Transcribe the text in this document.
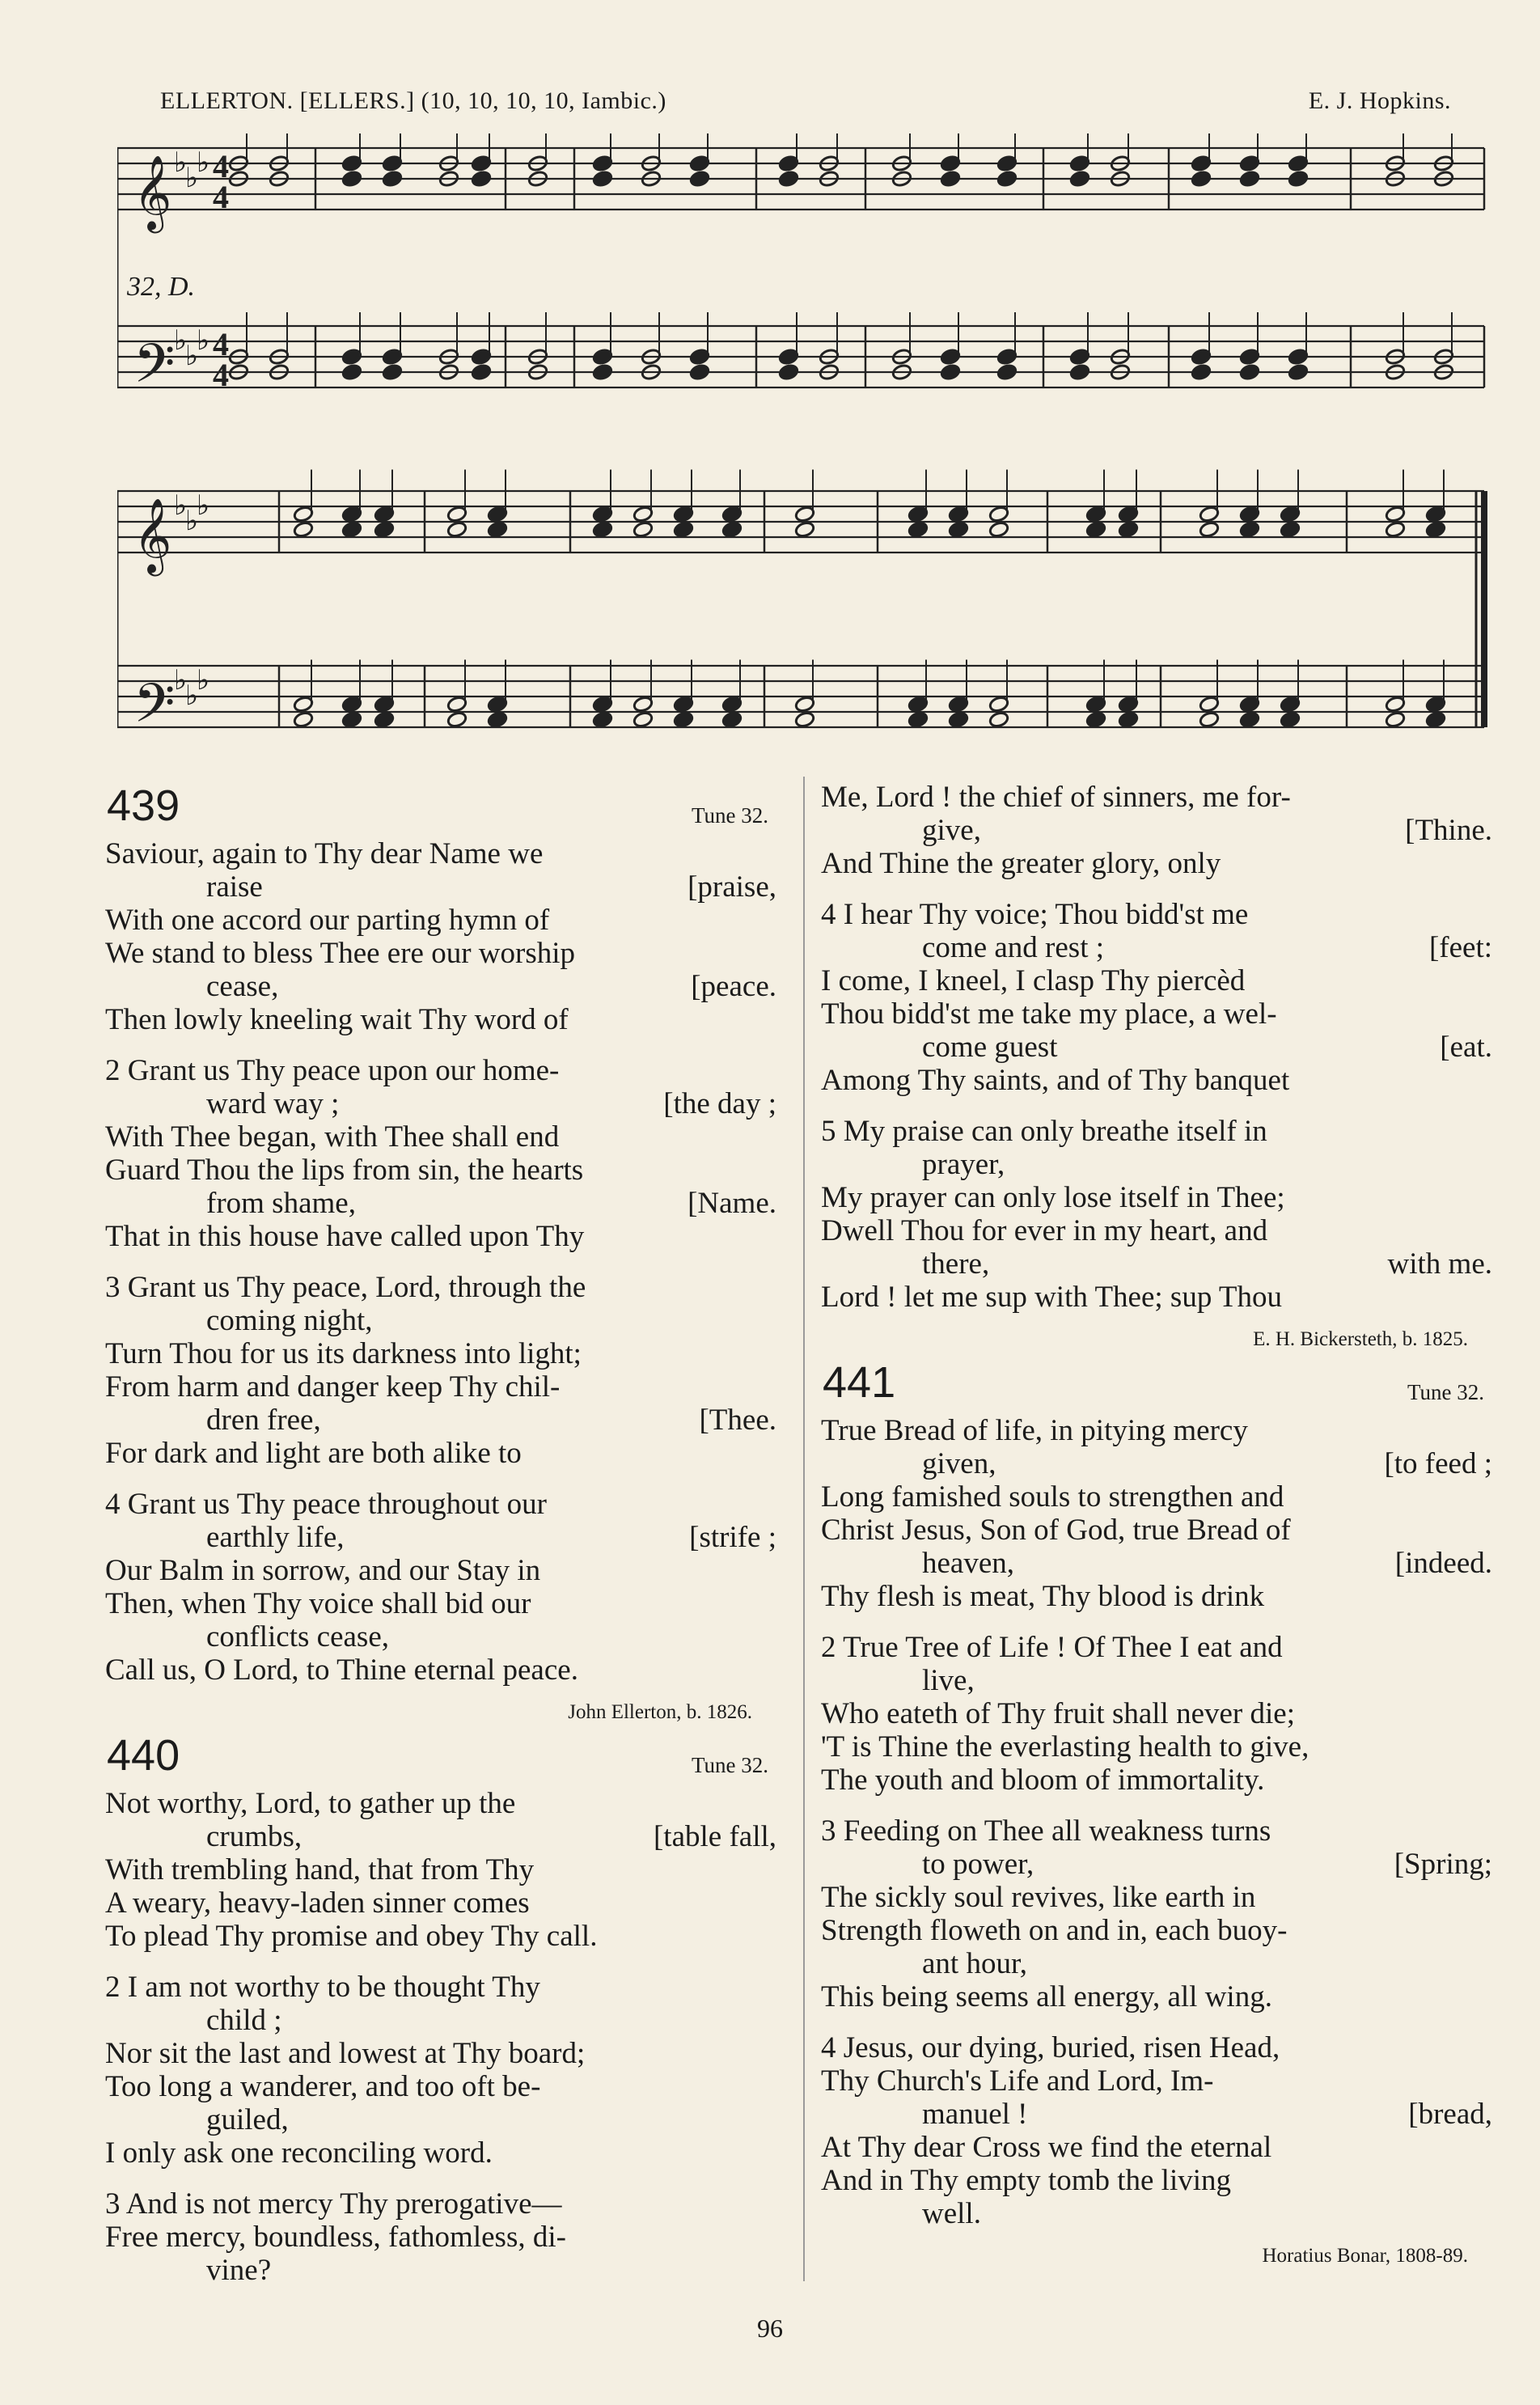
ELLERTON. [ELLERS.] (10, 10, 10, 10, Iambic.)	E. J. Hopkins.
32, D.
𝄞 ♭
♭
♭ 4
4
𝄢
♭
♭
♭ 4
4
𝄞 ♭
♭
♭
𝄢
♭
♭
♭
439	Tune 32.
Saviour, again to Thy dear Name we
raise	[praise,
With one accord our parting hymn of
We stand to bless Thee ere our worship
cease,	[peace.
Then lowly kneeling wait Thy word of
2 Grant us Thy peace upon our home-
ward way ;	[the day ;
With Thee began, with Thee shall end
Guard Thou the lips from sin, the hearts
from shame,	[Name.
That in this house have called upon Thy
3 Grant us Thy peace, Lord, through the
coming night,
Turn Thou for us its darkness into light;
From harm and danger keep Thy chil-
dren free,	[Thee.
For dark and light are both alike to
4 Grant us Thy peace throughout our
earthly life,	[strife ;
Our Balm in sorrow, and our Stay in
Then, when Thy voice shall bid our
conflicts cease,
Call us, O Lord, to Thine eternal peace.
John Ellerton, b. 1826.
440	Tune 32.
Not worthy, Lord, to gather up the
crumbs,	[table fall,
With trembling hand, that from Thy
A weary, heavy-laden sinner comes
To plead Thy promise and obey Thy call.
2 I am not worthy to be thought Thy
child ;
Nor sit the last and lowest at Thy board;
Too long a wanderer, and too oft be-
guiled,
I only ask one reconciling word.
3 And is not mercy Thy prerogative—
Free mercy, boundless, fathomless, di-
vine?
Me, Lord ! the chief of sinners, me for-
give,	[Thine.
And Thine the greater glory, only
4 I hear Thy voice; Thou bidd'st me
come and rest ;	[feet:
I come, I kneel, I clasp Thy piercèd
Thou bidd'st me take my place, a wel-
come guest	[eat.
Among Thy saints, and of Thy banquet
5 My praise can only breathe itself in
prayer,
My prayer can only lose itself in Thee;
Dwell Thou for ever in my heart, and
there,	with me.
Lord ! let me sup with Thee; sup Thou
E. H. Bickersteth, b. 1825.
441	Tune 32.
True Bread of life, in pitying mercy
given,	[to feed ;
Long famished souls to strengthen and
Christ Jesus, Son of God, true Bread of
heaven,	[indeed.
Thy flesh is meat, Thy blood is drink
2 True Tree of Life ! Of Thee I eat and
live,
Who eateth of Thy fruit shall never die;
'T is Thine the everlasting health to give,
The youth and bloom of immortality.
3 Feeding on Thee all weakness turns
to power,	[Spring;
The sickly soul revives, like earth in
Strength floweth on and in, each buoy-
ant hour,
This being seems all energy, all wing.
4 Jesus, our dying, buried, risen Head,
Thy Church's Life and Lord, Im-
manuel !	[bread,
At Thy dear Cross we find the eternal
And in Thy empty tomb the living
well.
Horatius Bonar, 1808-89.
96
